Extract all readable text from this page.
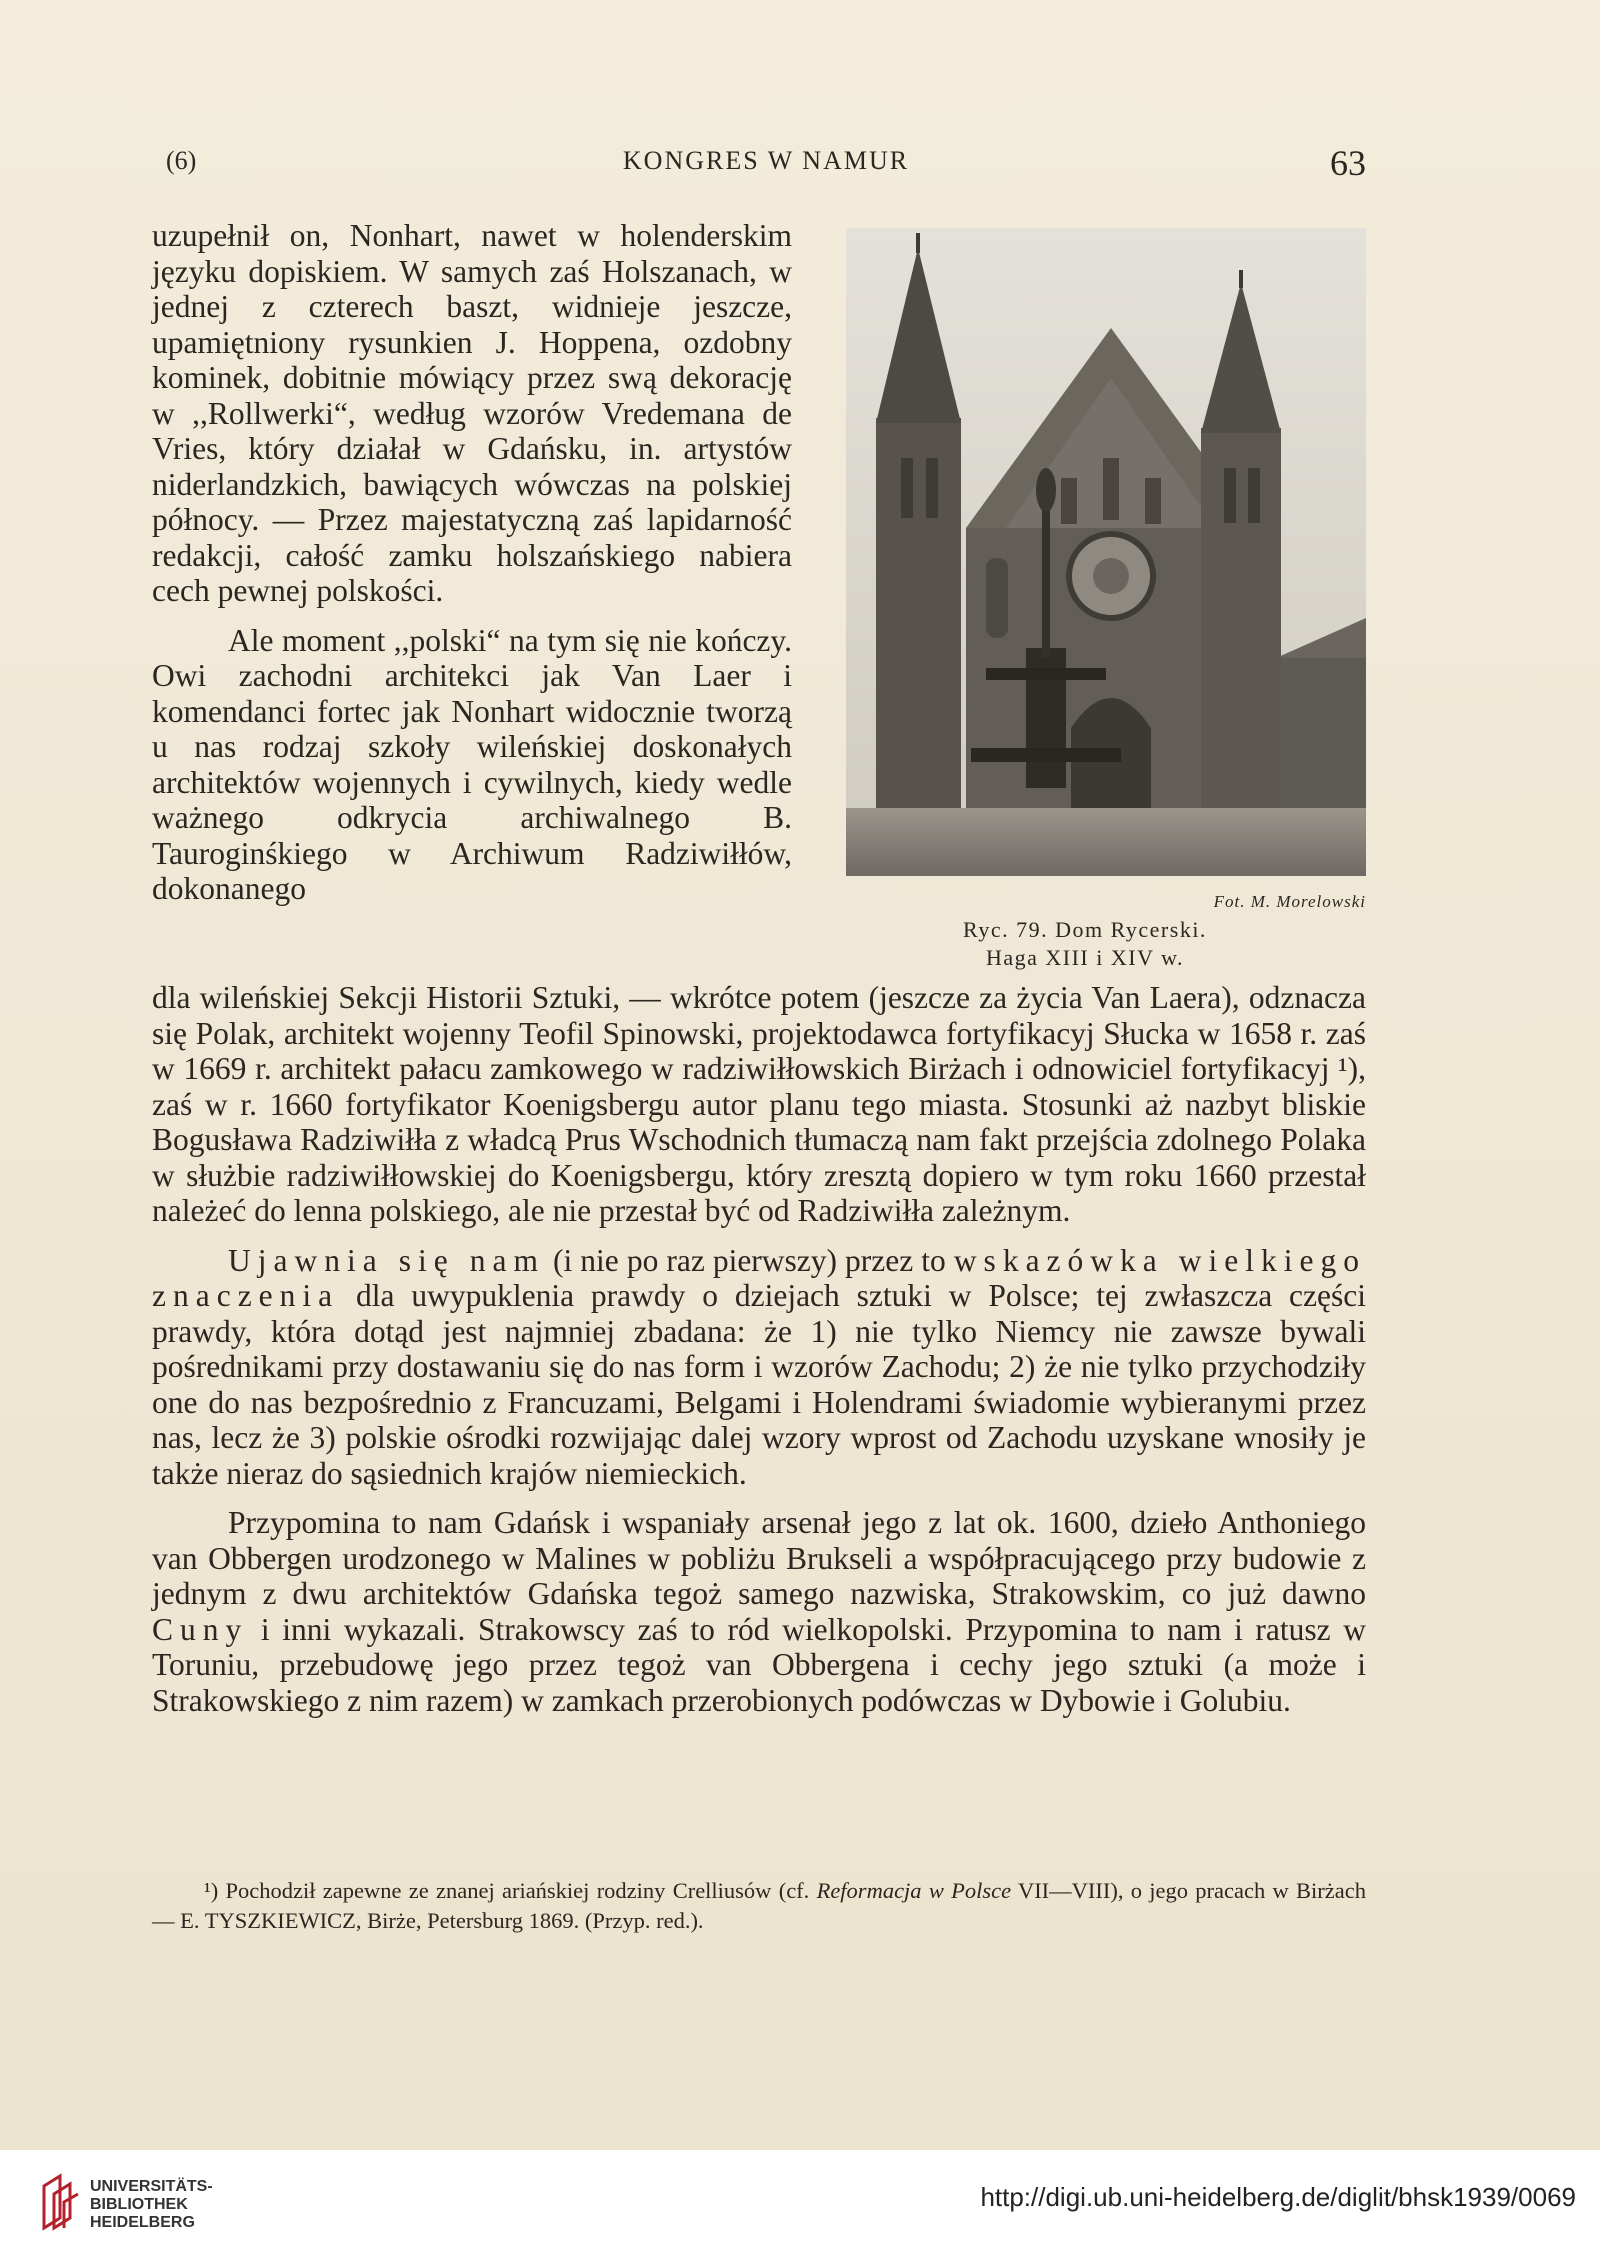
(6)	KONGRES W NAMUR	63

uzupełnił on, Nonhart, nawet w holenderskim języku dopiskiem. W samych zaś Holszanach, w jednej z czterech baszt, widnieje jeszcze, upamiętniony rysunkien J. Hoppena, ozdobny kominek, dobitnie mówiący przez swą dekorację w ,,Rollwerki“, według wzorów Vredemana de Vries, który działał w Gdańsku, in. artystów niderlandzkich, bawiących wówczas na polskiej północy. — Przez majestatyczną zaś lapidarność redakcji, całość zamku holszańskiego nabiera cech pewnej polskości.

Ale moment ,,polski“ na tym się nie kończy. Owi zachodni architekci jak Van Laer i komendanci fortec jak Nonhart widocznie tworzą u nas rodzaj szkoły wileńskiej doskonałych architektów wojennych i cywilnych, kiedy wedle ważnego odkrycia archiwalnego B. Tauroginśkiego w Archiwum Radziwiłłów, dokonanego	Fot. M. Morelowski
Ryc. 79. Dom Rycerski.
Haga XIII i XIV w.

dla wileńskiej Sekcji Historii Sztuki, — wkrótce potem (jeszcze za życia Van Laera), odznacza się Polak, architekt wojenny Teofil Spinowski, projektodawca fortyfikacyj Słucka w 1658 r. zaś w 1669 r. architekt pałacu zamkowego w radziwiłłowskich Birżach i odnowiciel fortyfikacyj ¹), zaś w r. 1660 fortyfikator Koenigsbergu autor planu tego miasta. Stosunki aż nazbyt bliskie Bogusława Radziwiłła z władcą Prus Wschodnich tłumaczą nam fakt przejścia zdolnego Polaka w służbie radziwiłłowskiej do Koenigsbergu, który zresztą dopiero w tym roku 1660 przestał należeć do lenna polskiego, ale nie przestał być od Radziwiłła zależnym.

Ujawnia się nam (i nie po raz pierwszy) przez to wskazówka wielkiego znaczenia dla uwypuklenia prawdy o dziejach sztuki w Polsce; tej zwłaszcza części prawdy, która dotąd jest najmniej zbadana: że 1) nie tylko Niemcy nie zawsze bywali pośrednikami przy dostawaniu się do nas form i wzorów Zachodu; 2) że nie tylko przychodziły one do nas bezpośrednio z Francuzami, Belgami i Holendrami świadomie wybieranymi przez nas, lecz że 3) polskie ośrodki rozwijając dalej wzory wprost od Zachodu uzyskane wnosiły je także nieraz do sąsiednich krajów niemieckich.

Przypomina to nam Gdańsk i wspaniały arsenał jego z lat ok. 1600, dzieło Anthoniego van Obbergen urodzonego w Malines w pobliżu Brukseli a współpracującego przy budowie z jednym z dwu architektów Gdańska tegoż samego nazwiska, Strakowskim, co już dawno Cuny i inni wykazali. Strakowscy zaś to ród wielkopolski. Przypomina to nam i ratusz w Toruniu, przebudowę jego przez tegoż van Obbergena i cechy jego sztuki (a może i Strakowskiego z nim razem) w zamkach przerobionych podówczas w Dybowie i Golubiu.

¹) Pochodził zapewne ze znanej ariańskiej rodziny Crelliusów (cf. Reformacja w Polsce VII—VIII), o jego pracach w Birżach — E. TYSZKIEWICZ, Birże, Petersburg 1869. (Przyp. red.).

UNIVERSITÄTS-
BIBLIOTHEK
HEIDELBERG
http://digi.ub.uni-heidelberg.de/diglit/bhsk1939/0069
